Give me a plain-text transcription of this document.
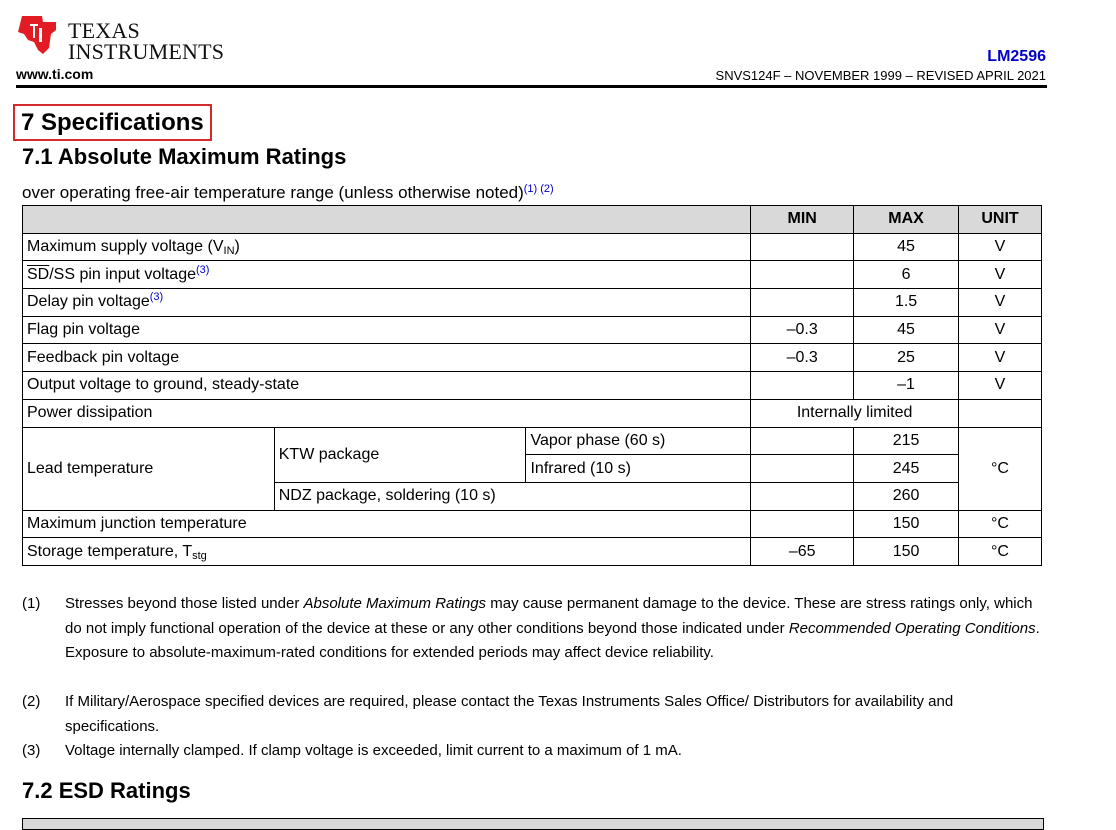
TEXAS
INSTRUMENTS
www.ti.com
LM2596
SNVS124F – NOVEMBER 1999 – REVISED APRIL 2021
7 Specifications
7.1 Absolute Maximum Ratings
over operating free-air temperature range (unless otherwise noted)$^{(1) (2)}$
			MIN	MAX	UNIT
Maximum supply voltage $(V_{IN})$				45	V
$\overline{SD}/SS$ pin input voltage$^{(3)}$				6	V
Delay pin voltage$^{(3)}$				1.5	V
Flag pin voltage			–0.3	45	V
Feedback pin voltage			–0.3	25	V
Output voltage to ground, steady-state				–1	V
Power dissipation			Internally limited		
Lead temperature	KTW package	Vapor phase (60 s)		215	°C
		Infrared (10 s)		245	
	NDZ package, soldering (10 s)			260	
Maximum junction temperature				150	°C
Storage temperature, $T_{stg}$			–65	150	°C
(1) Stresses beyond those listed under Absolute Maximum Ratings may cause permanent damage to the device. These are stress ratings only, which do not imply functional operation of the device at these or any other conditions beyond those indicated under Recommended Operating Conditions. Exposure to absolute-maximum-rated conditions for extended periods may affect device reliability.
(2) If Military/Aerospace specified devices are required, please contact the Texas Instruments Sales Office/ Distributors for availability and specifications.
(3) Voltage internally clamped. If clamp voltage is exceeded, limit current to a maximum of 1 mA.
7.2 ESD Ratings
